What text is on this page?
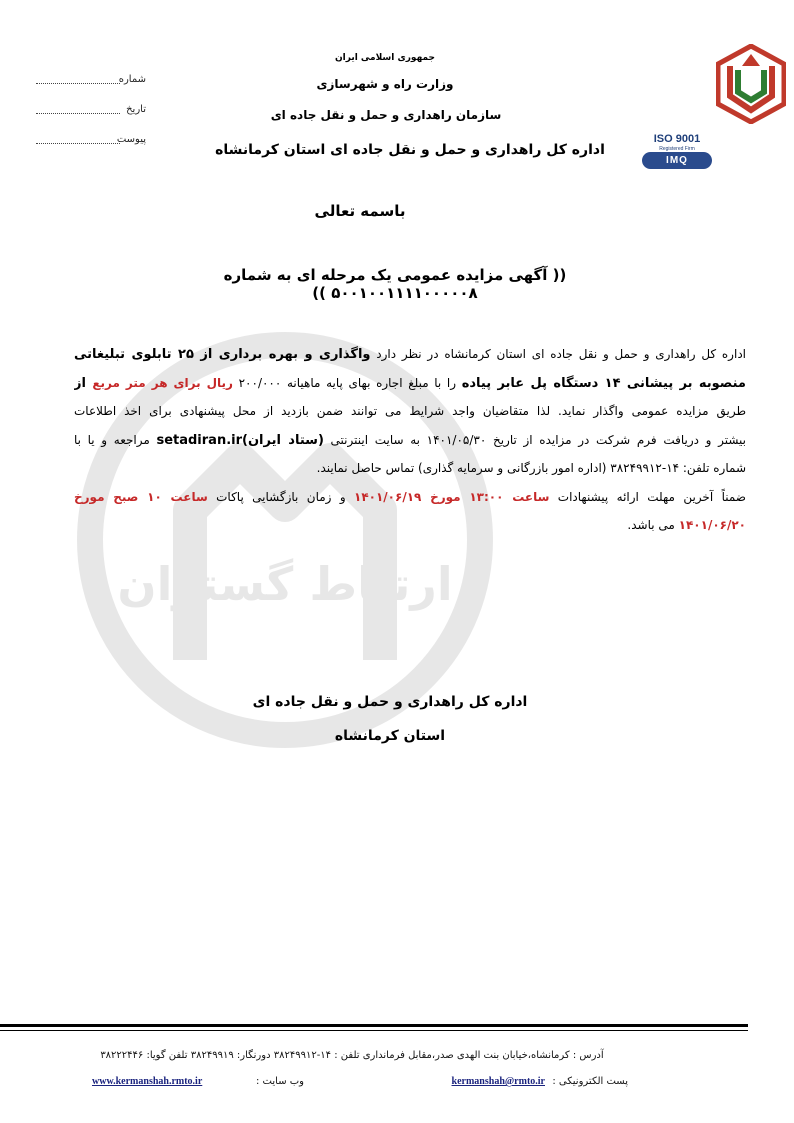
ارتباط گستران
ISO 9001
Registered Firm
IMQ
جمهوری اسلامی ایران
وزارت راه و شهرسازی
سازمان راهداری و حمل و نقل جاده ای
اداره کل راهداری و حمل و نقل جاده ای استان کرمانشاه
شماره
تاریخ
پیوست
باسمه تعالی
(( آگهی مزایده عمومی یک مرحله ای به شماره ۵۰۰۱۰۰۱۱۱۱۰۰۰۰۰۸ ))
اداره کل راهداری و حمل و نقل جاده ای استان کرمانشاه در نظر دارد واگذاری و بهره برداری از ۲۵ تابلوی تبلیغاتی
منصوبه بر پیشانی ۱۴ دستگاه پل عابر پیاده را با مبلغ اجاره بهای پایه ماهیانه ۲۰۰/۰۰۰ ریال برای هر متر مربع از
طریق مزایده عمومی واگذار نماید. لذا متقاضیان واجد شرایط می توانند ضمن بازدید از محل پیشنهادی برای اخذ اطلاعات
بیشتر و دریافت فرم شرکت در مزایده از تاریخ ۱۴۰۱/۰۵/۳۰ به سایت اینترنتی (ستاد ایران)setadiran.ir مراجعه و یا با
شماره تلفن: ۱۴-۳۸۲۴۹۹۱۲ (اداره امور بازرگانی و سرمایه گذاری) تماس حاصل نمایند.
ضمناً آخرین مهلت ارائه پیشنهادات ساعت ۱۳:۰۰ مورخ ۱۴۰۱/۰۶/۱۹ و زمان بازگشایی پاکات ساعت ۱۰ صبح مورخ
۱۴۰۱/۰۶/۲۰ می باشد.
اداره کل راهداری و حمل و نقل جاده ای
استان کرمانشاه
آدرس : کرمانشاه،خیابان بنت الهدی صدر،مقابل فرمانداری تلفن : ۱۴-۳۸۲۴۹۹۱۲ دورنگار: ۳۸۲۴۹۹۱۹ تلفن گویا: ۳۸۲۲۲۴۴۶
پست الکترونیکی :
kermanshah@rmto.ir
وب سایت :
www.kermanshah.rmto.ir
